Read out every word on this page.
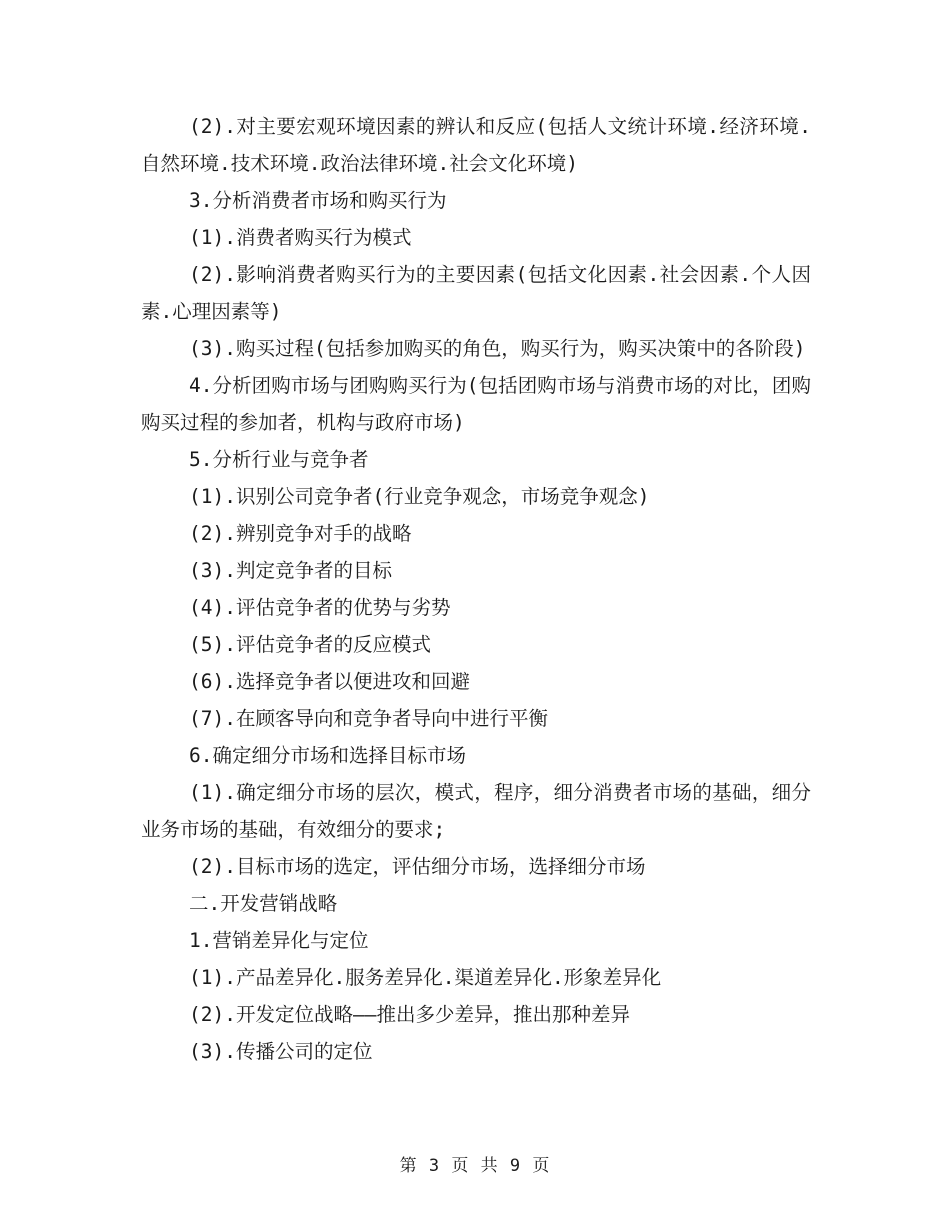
(2).对主要宏观环境因素的辨认和反应(包括人文统计环境.经济环境.自然环境.技术环境.政治法律环境.社会文化环境)

3.分析消费者市场和购买行为

(1).消费者购买行为模式

(2).影响消费者购买行为的主要因素(包括文化因素.社会因素.个人因素.心理因素等)

(3).购买过程(包括参加购买的角色，购买行为，购买决策中的各阶段)

4.分析团购市场与团购购买行为(包括团购市场与消费市场的对比，团购购买过程的参加者，机构与政府市场)

5.分析行业与竞争者

(1).识别公司竞争者(行业竞争观念，市场竞争观念)

(2).辨别竞争对手的战略

(3).判定竞争者的目标

(4).评估竞争者的优势与劣势

(5).评估竞争者的反应模式

(6).选择竞争者以便进攻和回避

(7).在顾客导向和竞争者导向中进行平衡

6.确定细分市场和选择目标市场

(1).确定细分市场的层次，模式，程序，细分消费者市场的基础，细分业务市场的基础，有效细分的要求;

(2).目标市场的选定，评估细分市场，选择细分市场

二.开发营销战略

1.营销差异化与定位

(1).产品差异化.服务差异化.渠道差异化.形象差异化

(2).开发定位战略——推出多少差异，推出那种差异

(3).传播公司的定位

第 3 页 共 9 页
